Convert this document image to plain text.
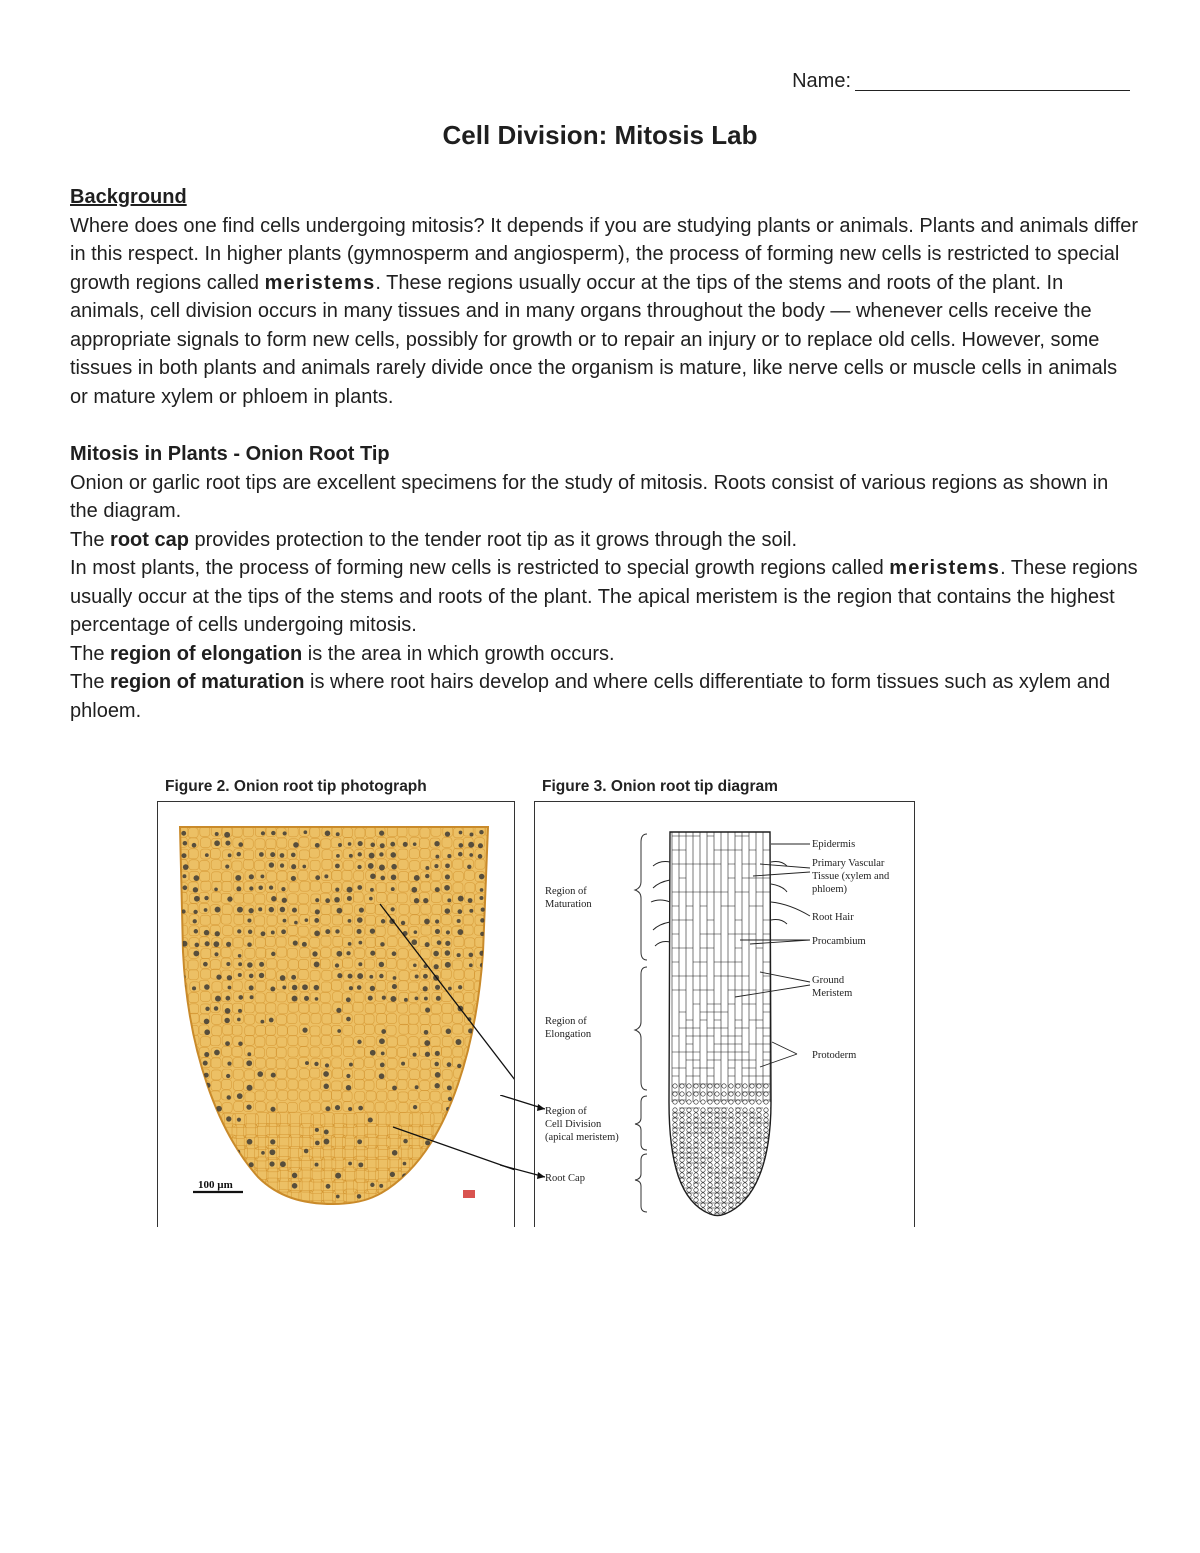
Name:
Cell Division: Mitosis Lab

Background

Where does one find cells undergoing mitosis? It depends if you are studying plants or animals. Plants and animals differ in this respect. In higher plants (gymnosperm and angiosperm), the process of forming new cells is restricted to special growth regions called meristems. These regions usually occur at the tips of the stems and roots of the plant. In animals, cell division occurs in many tissues and in many organs throughout the body — whenever cells receive the appropriate signals to form new cells, possibly for growth or to repair an injury or to replace old cells. However, some tissues in both plants and animals rarely divide once the organism is mature, like nerve cells or muscle cells in animals or mature xylem or phloem in plants.

Mitosis in Plants - Onion Root Tip

Onion or garlic root tips are excellent specimens for the study of mitosis. Roots consist of various regions as shown in the diagram.

The root cap provides protection to the tender root tip as it grows through the soil.

In most plants, the process of forming new cells is restricted to special growth regions called meristems. These regions usually occur at the tips of the stems and roots of the plant. The apical meristem is the region that contains the highest percentage of cells undergoing mitosis.

The region of elongation is the area in which growth occurs.

The region of maturation is where root hairs develop and where cells differentiate to form tissues such as xylem and phloem.

Figure 2. Onion root tip photograph	Figure 3. Onion root tip diagram
100 µm
Region of
Maturation
Region of
Elongation
Region of
Cell Division
(apical meristem)
Root Cap
Epidermis
Primary Vascular
Tissue (xylem and
phloem)
Root Hair
Procambium
Ground
Meristem
Protoderm
